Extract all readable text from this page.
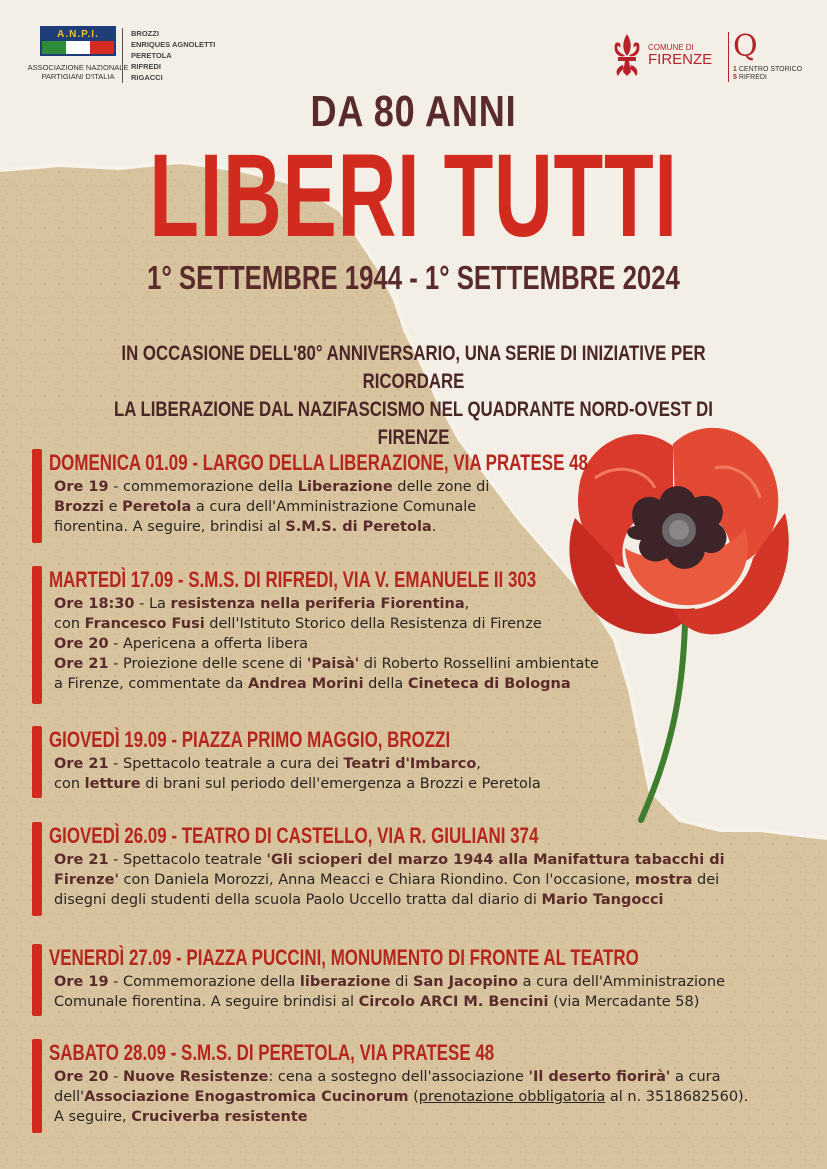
A.N.P.I.
ASSOCIAZIONE NAZIONALE
PARTIGIANI D'ITALIA
BROZZI
ENRIQUES AGNOLETTI
PERETOLA
RIFREDI
RIGACCI
COMUNE DI
FIRENZE Q
1 CENTRO STORICO
5 RIFREDI
DA 80 ANNI
LIBERI TUTTI
1° SETTEMBRE 1944 - 1° SETTEMBRE 2024
IN OCCASIONE DELL'80° ANNIVERSARIO, UNA SERIE DI INIZIATIVE PER RICORDARE
LA LIBERAZIONE DAL NAZIFASCISMO NEL QUADRANTE NORD-OVEST DI FIRENZE
DOMENICA 01.09 - LARGO DELLA LIBERAZIONE, VIA PRATESE 48
Ore 19 - commemorazione della Liberazione delle zone di
Brozzi e Peretola a cura dell'Amministrazione Comunale
fiorentina. A seguire, brindisi al S.M.S. di Peretola.
MARTEDÌ 17.09 - S.M.S. DI RIFREDI, VIA V. EMANUELE II 303
Ore 18:30 - La resistenza nella periferia Fiorentina,
con Francesco Fusi dell'Istituto Storico della Resistenza di Firenze
Ore 20 - Apericena a offerta libera
Ore 21 - Proiezione delle scene di 'Paisà' di Roberto Rossellini ambientate
a Firenze, commentate da Andrea Morini della Cineteca di Bologna
GIOVEDÌ 19.09 - PIAZZA PRIMO MAGGIO, BROZZI
Ore 21 - Spettacolo teatrale a cura dei Teatri d'Imbarco,
con letture di brani sul periodo dell'emergenza a Brozzi e Peretola
GIOVEDÌ 26.09 - TEATRO DI CASTELLO, VIA R. GIULIANI 374
Ore 21 - Spettacolo teatrale 'Gli scioperi del marzo 1944 alla Manifattura tabacchi di
Firenze' con Daniela Morozzi, Anna Meacci e Chiara Riondino. Con l'occasione, mostra dei
disegni degli studenti della scuola Paolo Uccello tratta dal diario di Mario Tangocci
VENERDÌ 27.09 - PIAZZA PUCCINI, MONUMENTO DI FRONTE AL TEATRO
Ore 19 - Commemorazione della liberazione di San Jacopino a cura dell'Amministrazione
Comunale fiorentina. A seguire brindisi al Circolo ARCI M. Bencini (via Mercadante 58)
SABATO 28.09 - S.M.S. DI PERETOLA, VIA PRATESE 48
Ore 20 - Nuove Resistenze: cena a sostegno dell'associazione 'Il deserto fiorirà' a cura
dell'Associazione Enogastromica Cucinorum (prenotazione obbligatoria al n. 3518682560).
A seguire, Cruciverba resistente
